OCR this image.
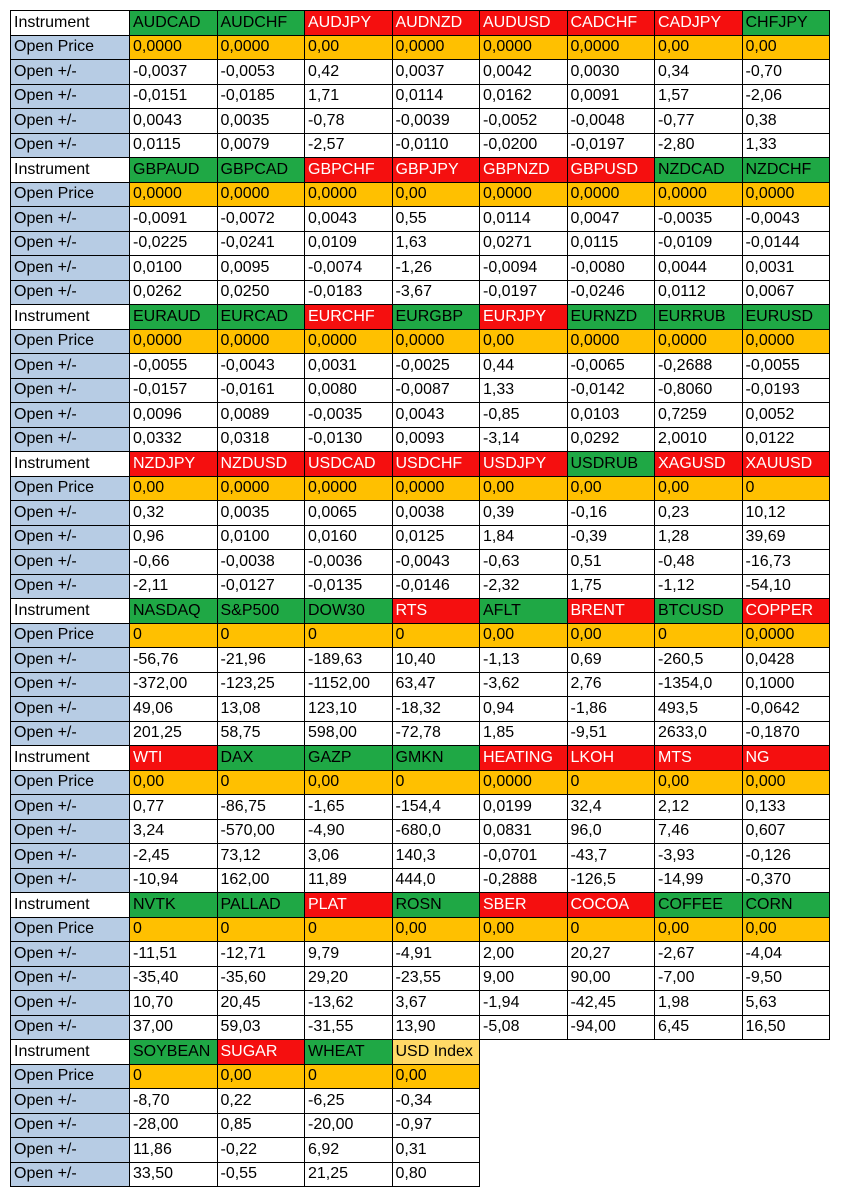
Instrument	AUDCAD	AUDCHF	AUDJPY	AUDNZD	AUDUSD	CADCHF	CADJPY	CHFJPY
Open Price	0,0000	0,0000	0,00	0,0000	0,0000	0,0000	0,00	0,00
Open +/-	-0,0037	-0,0053	0,42	0,0037	0,0042	0,0030	0,34	-0,70
Open +/-	-0,0151	-0,0185	1,71	0,0114	0,0162	0,0091	1,57	-2,06
Open +/-	0,0043	0,0035	-0,78	-0,0039	-0,0052	-0,0048	-0,77	0,38
Open +/-	0,0115	0,0079	-2,57	-0,0110	-0,0200	-0,0197	-2,80	1,33
Instrument	GBPAUD	GBPCAD	GBPCHF	GBPJPY	GBPNZD	GBPUSD	NZDCAD	NZDCHF
Open Price	0,0000	0,0000	0,0000	0,00	0,0000	0,0000	0,0000	0,0000
Open +/-	-0,0091	-0,0072	0,0043	0,55	0,0114	0,0047	-0,0035	-0,0043
Open +/-	-0,0225	-0,0241	0,0109	1,63	0,0271	0,0115	-0,0109	-0,0144
Open +/-	0,0100	0,0095	-0,0074	-1,26	-0,0094	-0,0080	0,0044	0,0031
Open +/-	0,0262	0,0250	-0,0183	-3,67	-0,0197	-0,0246	0,0112	0,0067
Instrument	EURAUD	EURCAD	EURCHF	EURGBP	EURJPY	EURNZD	EURRUB	EURUSD
Open Price	0,0000	0,0000	0,0000	0,0000	0,00	0,0000	0,0000	0,0000
Open +/-	-0,0055	-0,0043	0,0031	-0,0025	0,44	-0,0065	-0,2688	-0,0055
Open +/-	-0,0157	-0,0161	0,0080	-0,0087	1,33	-0,0142	-0,8060	-0,0193
Open +/-	0,0096	0,0089	-0,0035	0,0043	-0,85	0,0103	0,7259	0,0052
Open +/-	0,0332	0,0318	-0,0130	0,0093	-3,14	0,0292	2,0010	0,0122
Instrument	NZDJPY	NZDUSD	USDCAD	USDCHF	USDJPY	USDRUB	XAGUSD	XAUUSD
Open Price	0,00	0,0000	0,0000	0,0000	0,00	0,00	0,00	0
Open +/-	0,32	0,0035	0,0065	0,0038	0,39	-0,16	0,23	10,12
Open +/-	0,96	0,0100	0,0160	0,0125	1,84	-0,39	1,28	39,69
Open +/-	-0,66	-0,0038	-0,0036	-0,0043	-0,63	0,51	-0,48	-16,73
Open +/-	-2,11	-0,0127	-0,0135	-0,0146	-2,32	1,75	-1,12	-54,10
Instrument	NASDAQ	S&P500	DOW30	RTS	AFLT	BRENT	BTCUSD	COPPER
Open Price	0	0	0	0	0,00	0,00	0	0,0000
Open +/-	-56,76	-21,96	-189,63	10,40	-1,13	0,69	-260,5	0,0428
Open +/-	-372,00	-123,25	-1152,00	63,47	-3,62	2,76	-1354,0	0,1000
Open +/-	49,06	13,08	123,10	-18,32	0,94	-1,86	493,5	-0,0642
Open +/-	201,25	58,75	598,00	-72,78	1,85	-9,51	2633,0	-0,1870
Instrument	WTI	DAX	GAZP	GMKN	HEATING	LKOH	MTS	NG
Open Price	0,00	0	0,00	0	0,0000	0	0,00	0,000
Open +/-	0,77	-86,75	-1,65	-154,4	0,0199	32,4	2,12	0,133
Open +/-	3,24	-570,00	-4,90	-680,0	0,0831	96,0	7,46	0,607
Open +/-	-2,45	73,12	3,06	140,3	-0,0701	-43,7	-3,93	-0,126
Open +/-	-10,94	162,00	11,89	444,0	-0,2888	-126,5	-14,99	-0,370
Instrument	NVTK	PALLAD	PLAT	ROSN	SBER	COCOA	COFFEE	CORN
Open Price	0	0	0	0,00	0,00	0	0,00	0,00
Open +/-	-11,51	-12,71	9,79	-4,91	2,00	20,27	-2,67	-4,04
Open +/-	-35,40	-35,60	29,20	-23,55	9,00	90,00	-7,00	-9,50
Open +/-	10,70	20,45	-13,62	3,67	-1,94	-42,45	1,98	5,63
Open +/-	37,00	59,03	-31,55	13,90	-5,08	-94,00	6,45	16,50
Instrument	SOYBEAN	SUGAR	WHEAT	USD Index				
Open Price	0	0,00	0	0,00				
Open +/-	-8,70	0,22	-6,25	-0,34				
Open +/-	-28,00	0,85	-20,00	-0,97				
Open +/-	11,86	-0,22	6,92	0,31				
Open +/-	33,50	-0,55	21,25	0,80				
